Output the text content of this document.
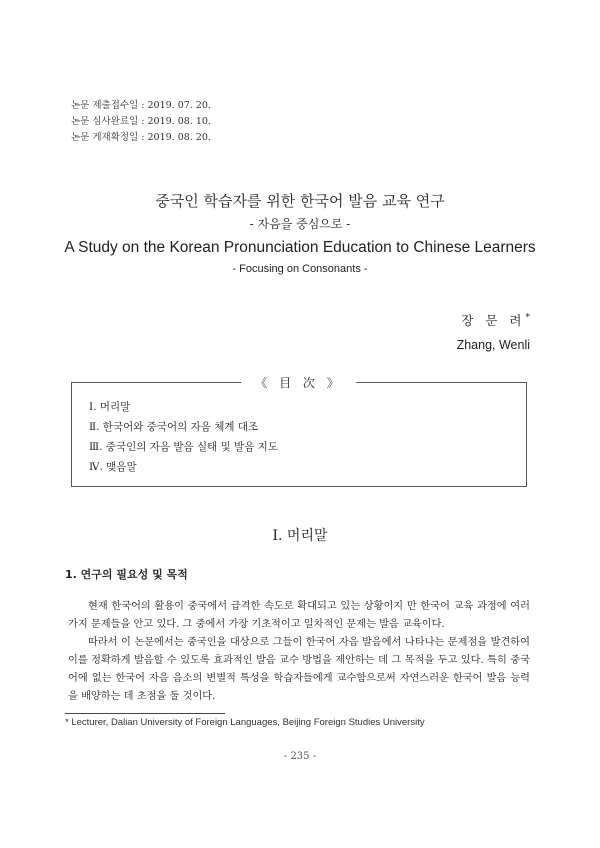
논문 제출접수일 : 2019. 07. 20.
논문 심사완료일 : 2019. 08. 10.
논문 게재확정일 : 2019. 08. 20.
중국인 학습자를 위한 한국어 발음 교육 연구
- 자음을 중심으로 -
A Study on the Korean Pronunciation Education to Chinese Learners
- Focusing on Consonants -
장 문 려*
Zhang, Wenli
《 目 次 》
Ⅰ. 머리말
Ⅱ. 한국어와 중국어의 자음 체계 대조
Ⅲ. 중국인의 자음 발음 실태 및 발음 지도
Ⅳ. 맺음말
Ⅰ. 머리말
1. 연구의 필요성 및 목적

현재 한국어의 활용이 중국에서 급격한 속도로 확대되고 있는 상황이지 만 한국어 교육 과정에 여러 가지 문제들을 안고 있다. 그 중에서 가장 기초적이고 일차적인 문제는 발음 교육이다.

따라서 이 논문에서는 중국인을 대상으로 그들이 한국어 자음 발음에서 나타나는 문제점을 발견하여 이를 정확하게 발음할 수 있도록 효과적인 발음 교수 방법을 제안하는 데 그 목적을 두고 있다. 특히 중국어에 없는 한국어 자음 음소의 변별적 특성을 학습자들에게 교수함으로써 자연스러운 한국어 발음 능력을 배양하는 데 초점을 둘 것이다.

* Lecturer, Dalian University of Foreign Languages, Beijing Foreign Studies University
- 235 -
